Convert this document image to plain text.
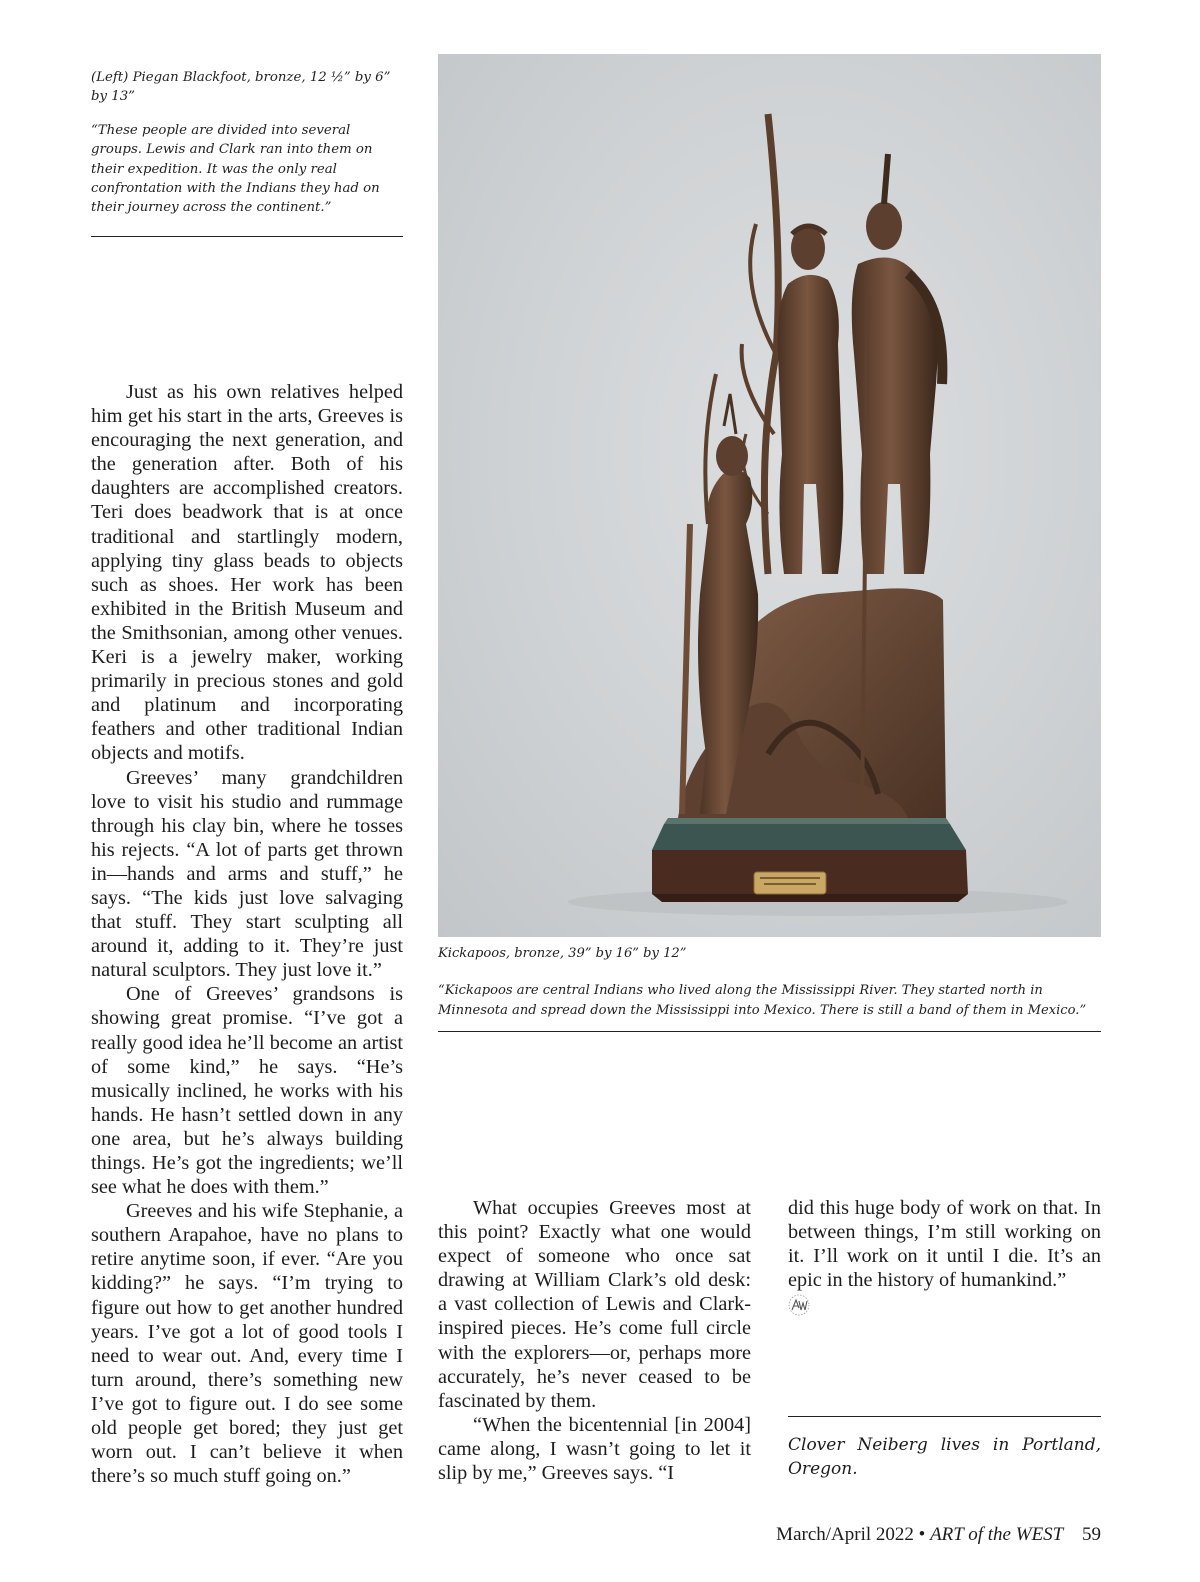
(Left) Piegan Blackfoot, bronze, 12 ½” by 6” by 13”

“These people are divided into several groups. Lewis and Clark ran into them on their expedition. It was the only real confrontation with the Indians they had on their journey across the continent.”

Kickapoos, bronze, 39” by 16” by 12”

“Kickapoos are central Indians who lived along the Mississippi River. They started north in Minnesota and spread down the Mississippi into Mexico. There is still a band of them in Mexico.”

Just as his own relatives helped him get his start in the arts, Greeves is encouraging the next generation, and the generation after. Both of his daughters are accomplished creators. Teri does beadwork that is at once traditional and startlingly modern, applying tiny glass beads to objects such as shoes. Her work has been exhibited in the British Museum and the Smithsonian, among other venues. Keri is a jewelry maker, working primarily in precious stones and gold and platinum and incorporating feathers and other traditional Indian objects and motifs.

Greeves’ many grandchildren love to visit his studio and rummage through his clay bin, where he tosses his rejects. “A lot of parts get thrown in—hands and arms and stuff,” he says. “The kids just love salvaging that stuff. They start sculpting all around it, adding to it. They’re just natural sculptors. They just love it.”

One of Greeves’ grandsons is showing great promise. “I’ve got a really good idea he’ll become an artist of some kind,” he says. “He’s musically inclined, he works with his hands. He hasn’t settled down in any one area, but he’s always building things. He’s got the ingredients; we’ll see what he does with them.”

Greeves and his wife Stephanie, a southern Arapahoe, have no plans to retire anytime soon, if ever. “Are you kidding?” he says. “I’m trying to figure out how to get another hundred years. I’ve got a lot of good tools I need to wear out. And, every time I turn around, there’s something new I’ve got to figure out. I do see some old people get bored; they just get worn out. I can’t believe it when there’s so much stuff going on.”

What occupies Greeves most at this point? Exactly what one would expect of someone who once sat drawing at William Clark’s old desk: a vast collection of Lewis and Clark-inspired pieces. He’s come full circle with the explorers—or, perhaps more accurately, he’s never ceased to be fascinated by them.

“When the bicentennial [in 2004] came along, I wasn’t going to let it slip by me,” Greeves says. “I

did this huge body of work on that. In between things, I’m still working on it. I’ll work on it until I die. It’s an epic in the history of humankind.”

Clover Neiberg lives in Portland, Oregon.
March/April 2022 • ART of the WEST 59
